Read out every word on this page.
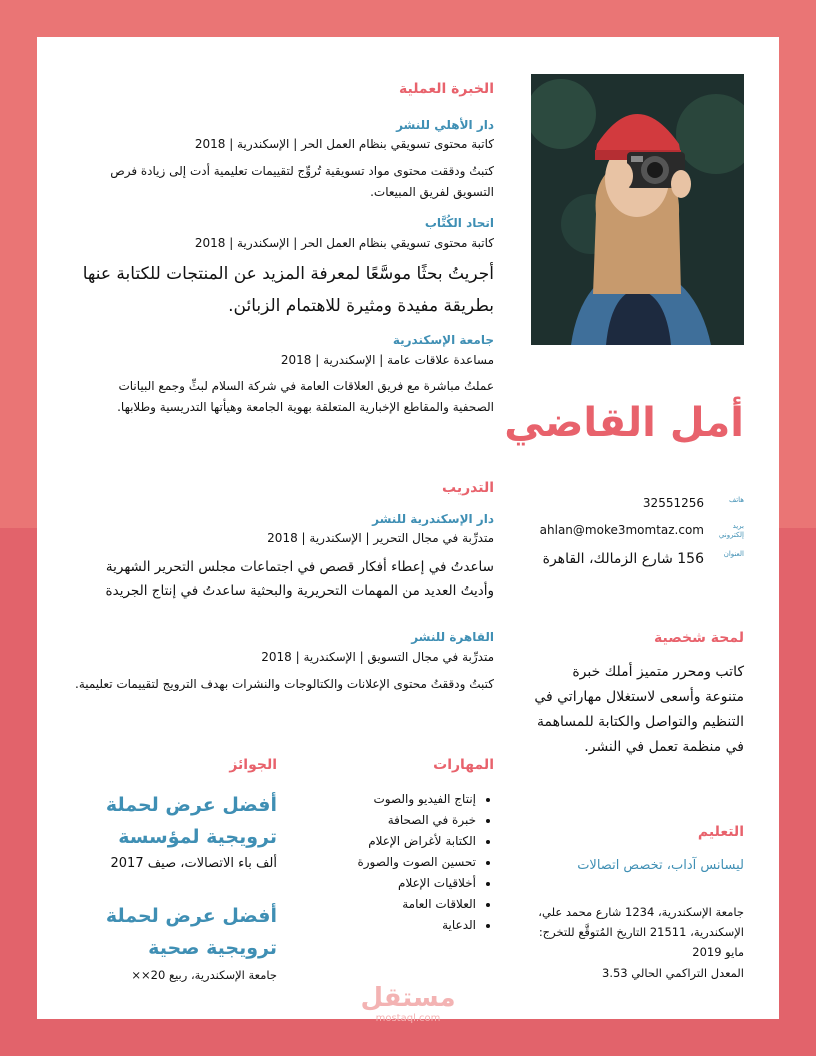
أمل القاضي
هاتف
32551256
بريد إلكتروني
ahlan@moke3momtaz.com
العنوان
156 شارع الزمالك، القاهرة
لمحة شخصية
كاتب ومحرر متميز أملك خبرة متنوعة وأسعى لاستغلال مهاراتي في التنظيم والتواصل والكتابة للمساهمة في منظمة تعمل في النشر.
التعليم
ليسانس آداب، تخصص اتصالات
جامعة الإسكندرية، 1234 شارع محمد علي، الإسكندرية، 21511 التاريخ المُتوقَّع للتخرج: مايو 2019
المعدل التراكمي الحالي 3.53
الخبرة العملية
دار الأهلي للنشر
كاتبة محتوى تسويقي بنظام العمل الحر | الإسكندرية | 2018
كتبتُ ودققت محتوى مواد تسويقية تُروِّج لتقييمات تعليمية أدت إلى زيادة فرص التسويق لفريق المبيعات.
اتحاد الكُتَّاب
كاتبة محتوى تسويقي بنظام العمل الحر | الإسكندرية | 2018
أجريتُ بحثًا موسَّعًا لمعرفة المزيد عن المنتجات للكتابة عنها بطريقة مفيدة ومثيرة للاهتمام الزبائن.
جامعة الإسكندرية
مساعدة علاقات عامة | الإسكندرية | 2018
عملتُ مباشرة مع فريق العلاقات العامة في شركة السلام لبثِّ وجمع البيانات الصحفية والمقاطع الإخبارية المتعلقة بهوية الجامعة وهيأتها التدريسية وطلابها.
التدريب
دار الإسكندرية للنشر
متدرِّبة في مجال التحرير | الإسكندرية | 2018
ساعدتُ في إعطاء أفكار قصص في اجتماعات مجلس التحرير الشهرية وأديتُ العديد من المهمات التحريرية والبحثية ساعدتُ في إنتاج الجريدة
القاهرة للنشر
متدرِّبة في مجال التسويق | الإسكندرية | 2018
كتبتُ ودققتُ محتوى الإعلانات والكتالوجات والنشرات بهدف الترويج لتقييمات تعليمية.
المهارات
• إنتاج الفيديو والصوت
• خبرة في الصحافة
• الكتابة لأغراض الإعلام
• تحسين الصوت والصورة
• أخلاقيات الإعلام
• العلاقات العامة
• الدعاية
الجوائز
أفضل عرض لحملة ترويجية لمؤسسة
ألف باء الاتصالات، صيف 2017
أفضل عرض لحملة ترويجية صحية
جامعة الإسكندرية، ربيع 20××
مستقل
mostaql.com
